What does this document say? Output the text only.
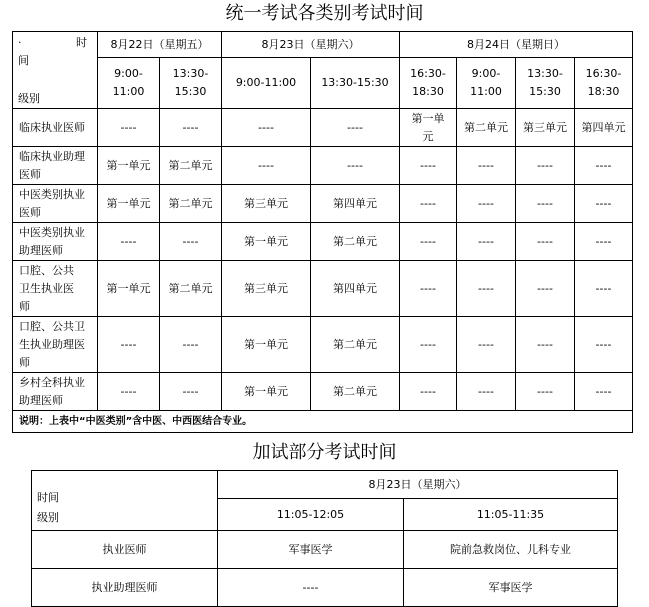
统一考试各类别考试时间
· 时
间
级别	8月22日（星期五）		8月23日（星期六）		8月24日（星期日）			
	9:00-11:00	13:30-15:30	9:00-11:00	13:30-15:30	16:30-18:30	9:00-11:00	13:30-15:30	16:30-18:30
临床执业医师	----	----	----	----	第一单元	第二单元	第三单元	第四单元
临床执业助理医师	第一单元	第二单元	----	----	----	----	----	----
中医类别执业医师	第一单元	第二单元	第三单元	第四单元	----	----	----	----
中医类别执业助理医师	----	----	第一单元	第二单元	----	----	----	----
口腔、公共卫生执业医师	第一单元	第二单元	第三单元	第四单元	----	----	----	----
口腔、公共卫生执业助理医师	----	----	第一单元	第二单元	----	----	----	----
乡村全科执业助理医师	----	----	第一单元	第二单元	----	----	----	----
说明：上表中“中医类别”含中医、中西医结合专业。								
加试部分考试时间
时间
级别	8月23日（星期六）	
	11:05-12:05	11:05-11:35
执业医师	军事医学	院前急救岗位、儿科专业
执业助理医师	----	军事医学
